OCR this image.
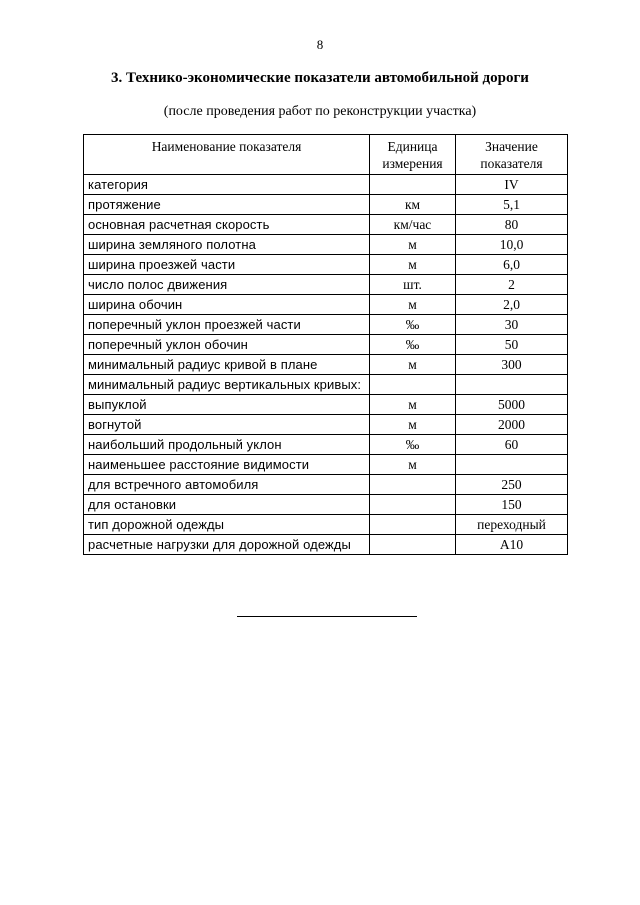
8
3. Технико-экономические показатели автомобильной дороги
(после проведения работ по реконструкции участка)
Наименование показателя	Единица измерения	Значение показателя
категория		IV
протяжение	км	5,1
основная расчетная скорость	км/час	80
ширина земляного полотна	м	10,0
ширина проезжей части	м	6,0
число полос движения	шт.	2
ширина обочин	м	2,0
поперечный уклон проезжей части	‰	30
поперечный уклон обочин	‰	50
минимальный радиус кривой в плане	м	300
минимальный радиус вертикальных кривых:		
выпуклой	м	5000
вогнутой	м	2000
наибольший продольный уклон	‰	60
наименьшее расстояние видимости	м	
для встречного автомобиля		250
для остановки		150
тип дорожной одежды		переходный
расчетные нагрузки для дорожной одежды		А10
